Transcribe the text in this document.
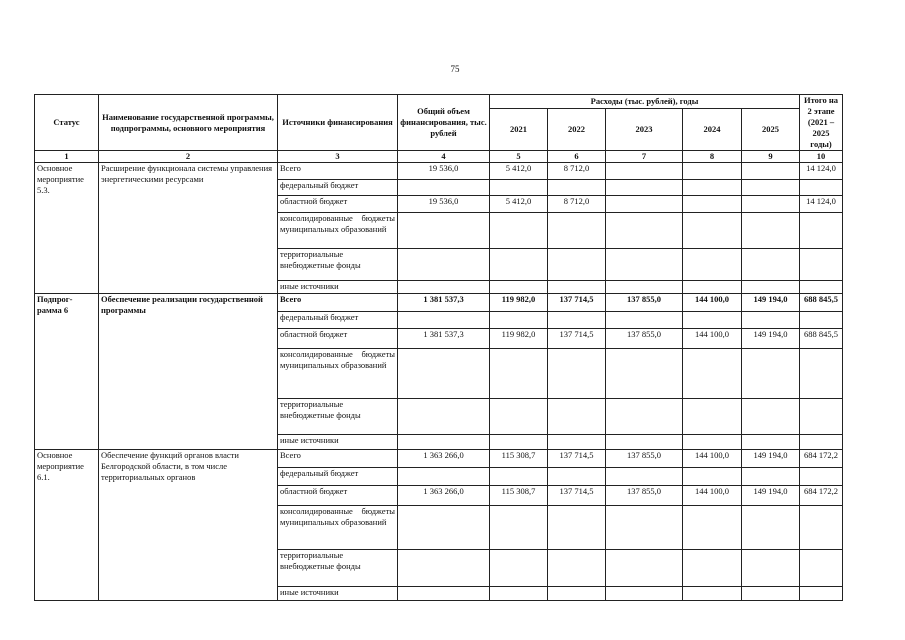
75
Статус	Наименование государственной программы, подпрограммы, основного мероприятия	Источники финансирования	Общий объем финансирования, тыс. рублей	Расходы (тыс. рублей), годы					Итого на 2 этапе (2021 – 2025 годы)
				2021	2022	2023	2024	2025	
1	2	3	4	5	6	7	8	9	10
Основное мероприятие 5.3.	Расширение функционала системы управления энергетическими ресурсами	Всего	19 536,0	5 412,0	8 712,0				14 124,0
		федеральный бюджет							
		областной бюджет	19 536,0	5 412,0	8 712,0				14 124,0
		консолидированные бюджеты муниципальных образований							
		территориальные внебюджетные фонды							
		иные источники							
Подпрог-рамма 6	Обеспечение реализации государственной программы	Всего	1 381 537,3	119 982,0	137 714,5	137 855,0	144 100,0	149 194,0	688 845,5
		федеральный бюджет							
		областной бюджет	1 381 537,3	119 982,0	137 714,5	137 855,0	144 100,0	149 194,0	688 845,5
		консолидированные бюджеты муниципальных образований							
		территориальные внебюджетные фонды							
		иные источники							
Основное мероприятие 6.1.	Обеспечение функций органов власти Белгородской области, в том числе территориальных органов	Всего	1 363 266,0	115 308,7	137 714,5	137 855,0	144 100,0	149 194,0	684 172,2
		федеральный бюджет							
		областной бюджет	1 363 266,0	115 308,7	137 714,5	137 855,0	144 100,0	149 194,0	684 172,2
		консолидированные бюджеты муниципальных образований							
		территориальные внебюджетные фонды							
		иные источники							
